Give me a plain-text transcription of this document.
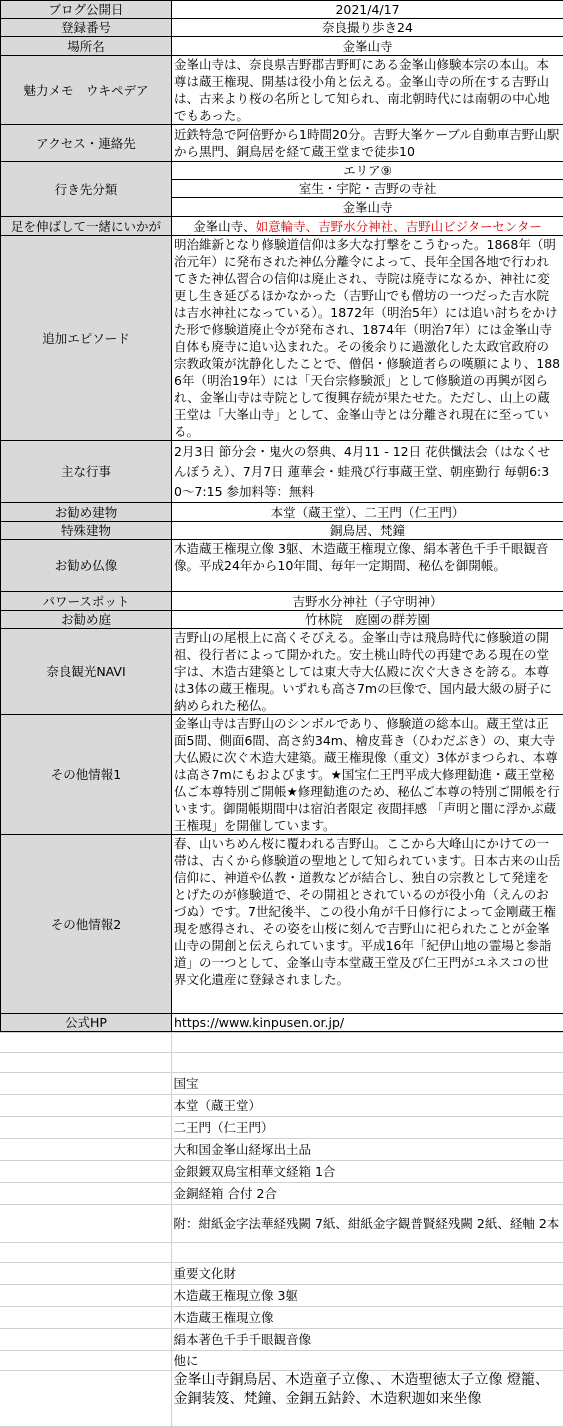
ブログ公開日	2021/4/17
登録番号	奈良撮り歩き24
場所名	金峯山寺
魅力メモ　ウキペデア	金峯山寺は、奈良県吉野郡吉野町にある金峯山修験本宗の本山。本尊は蔵王権現、開基は役小角と伝える。金峯山寺の所在する吉野山は、古来より桜の名所として知られ、南北朝時代には南朝の中心地でもあった。
アクセス・連絡先	近鉄特急で阿倍野から1時間20分。吉野大峯ケーブル自動車吉野山駅から黒門、銅鳥居を経て蔵王堂まで徒歩10
行き先分類	エリア⑨
	室生・宇陀・吉野の寺社
	金峯山寺
足を伸ばして一緒にいかが	金峯山寺、如意輪寺、吉野水分神社、吉野山ビジターセンター
追加エピソード	明治維新となり修験道信仰は多大な打撃をこうむった。1868年（明治元年）に発布された神仏分離令によって、長年全国各地で行われてきた神仏習合の信仰は廃止され、寺院は廃寺になるか、神社に変更し生き延びるほかなかった（吉野山でも僧坊の一つだった吉水院は吉水神社になっている）。1872年（明治5年）には追い討ちをかけた形で修験道廃止令が発布され、1874年（明治7年）には金峯山寺自体も廃寺に追い込まれた。その後余りに過激化した太政官政府の宗教政策が沈静化したことで、僧侶・修験道者らの嘆願により、1886年（明治19年）には「天台宗修験派」として修験道の再興が図られ、金峯山寺は寺院として復興存続が果たせた。ただし、山上の蔵王堂は「大峯山寺」として、金峯山寺とは分離され現在に至っている。
主な行事	2月3日 節分会・鬼火の祭典、4月11 - 12日 花供懺法会（はなくせんぼうえ）、7月7日 蓮華会・蛙飛び行事蔵王堂、朝座勤行 毎朝6:30〜7:15 参加料等：無料
お勧め建物	本堂（蔵王堂）、二王門（仁王門）
特殊建物	銅鳥居、梵鐘
お勧め仏像	木造蔵王権現立像 3躯、木造蔵王権現立像、絹本著色千手千眼観音像。平成24年から10年間、毎年一定期間、秘仏を御開帳。
パワースポット	吉野水分神社（子守明神）
お勧め庭	竹林院　庭園の群芳園
奈良観光NAVI	吉野山の尾根上に高くそびえる。金峯山寺は飛鳥時代に修験道の開祖、役行者によって開かれた。安土桃山時代の再建である現在の堂宇は、木造古建築としては東大寺大仏殿に次ぐ大きさを誇る。本尊は3体の蔵王権現。いずれも高さ7mの巨像で、国内最大級の厨子に納められた秘仏。
その他情報1	金峯山寺は吉野山のシンボルであり、修験道の総本山。蔵王堂は正面5間、側面6間、高さ約34m、檜皮葺き（ひわだぶき）の、東大寺大仏殿に次ぐ木造大建築。蔵王権現像（重文）3体がまつられ、本尊は高さ7mにもおよびます。★国宝仁王門平成大修理勧進・蔵王堂秘仏ご本尊特別ご開帳★修理勧進のため、秘仏ご本尊の特別ご開帳を行います。御開帳期間中は宿泊者限定 夜間拝感 「声明と闇に浮かぶ蔵王権現」を開催しています。
その他情報2	春、山いちめん桜に覆われる吉野山。ここから大峰山にかけての一帯は、古くから修験道の聖地として知られています。日本古来の山岳信仰に、神道や仏教・道教などが結合し、独自の宗教として発達をとげたのが修験道で、その開祖とされているのが役小角（えんのおづぬ）です。7世紀後半、この役小角が千日修行によって金剛蔵王権現を感得され、その姿を山桜に刻んで吉野山に祀られたことが金峯山寺の開創と伝えられています。平成16年「紀伊山地の霊場と参詣道」の一つとして、金峯山寺本堂蔵王堂及び仁王門がユネスコの世界文化遺産に登録されました。
公式HP	https://www.kinpusen.or.jp/

	国宝
	本堂（蔵王堂）
	二王門（仁王門）
	大和国金峯山経塚出土品
	金銀鍍双鳥宝相華文経箱 1合
	金銅経箱 合付 2合
	附：紺紙金字法華経残闕 7紙、紺紙金字観普賢経残闕 2紙、経軸 2本

	重要文化財
	木造蔵王権現立像 3躯
	木造蔵王権現立像
	絹本著色千手千眼観音像
	他に
	金峯山寺銅鳥居、木造童子立像、、木造聖徳太子立像 燈籠、金銅装笈、梵鐘、金銅五鈷鈴、木造釈迦如来坐像
